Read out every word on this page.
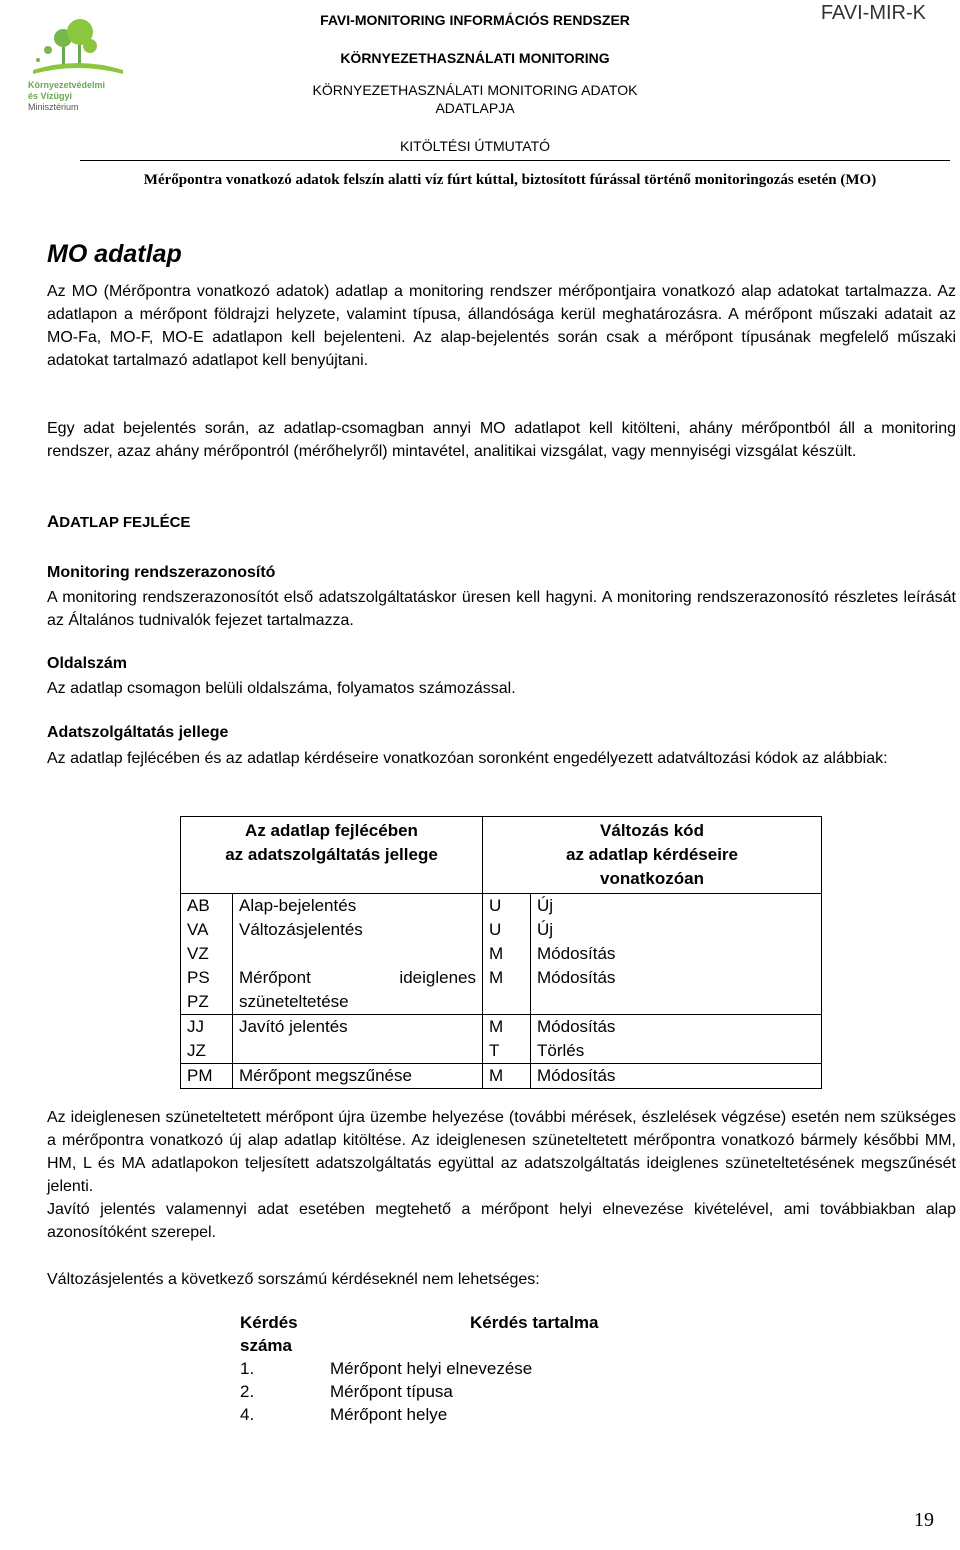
Környezetvédelmi
és Vízügyi
Minisztérium
FAVI-MONITORING INFORMÁCIÓS RENDSZER
KÖRNYEZETHASZNÁLATI MONITORING
KÖRNYEZETHASZNÁLATI MONITORING ADATOK
ADATLAPJA
KITÖLTÉSI ÚTMUTATÓ
FAVI-MIR-K
Mérőpontra vonatkozó adatok felszín alatti víz fúrt kúttal, biztosított fúrással történő monitoringozás esetén (MO)
MO adatlap
Az MO (Mérőpontra vonatkozó adatok) adatlap a monitoring rendszer mérőpontjaira vonatkozó alap adatokat tartalmazza. Az adatlapon a mérőpont földrajzi helyzete, valamint típusa, állandósága kerül meghatározásra. A mérőpont műszaki adatait az MO-Fa, MO-F, MO-E adatlapon kell bejelenteni. Az alap-bejelentés során csak a mérőpont típusának megfelelő műszaki adatokat tartalmazó adatlapot kell benyújtani.
Egy adat bejelentés során, az adatlap-csomagban annyi MO adatlapot kell kitölteni, ahány mérőpontból áll a monitoring rendszer, azaz ahány mérőpontról (mérőhelyről) mintavétel, analitikai vizsgálat, vagy mennyiségi vizsgálat készült.
ADATLAP FEJLÉCE
Monitoring rendszerazonosító
A monitoring rendszerazonosítót első adatszolgáltatáskor üresen kell hagyni. A monitoring rendszerazonosító részletes leírását az Általános tudnivalók fejezet tartalmazza.
Oldalszám
Az adatlap csomagon belüli oldalszáma, folyamatos számozással.
Adatszolgáltatás jellege
Az adatlap fejlécében és az adatlap kérdéseire vonatkozóan soronként engedélyezett adatváltozási kódok az alábbiak:
Az adatlap fejlécében
az adatszolgáltatás jellege		Változás kód
az adatlap kérdéseire
vonatkozóan	
AB	Alap-bejelentés	U	Új
VA	Változásjelentés	U	Új
VZ		M	Módosítás
PS	Mérőpont ideiglenes	M	Módosítás
PZ	szüneteltetése		
JJ	Javító jelentés	M	Módosítás
JZ		T	Törlés
PM	Mérőpont megszűnése	M	Módosítás
Az ideiglenesen szüneteltetett mérőpont újra üzembe helyezése (további mérések, észlelések végzése) esetén nem szükséges a mérőpontra vonatkozó új alap adatlap kitöltése. Az ideiglenesen szüneteltetett mérőpontra vonatkozó bármely későbbi MM, HM, L és MA adatlapokon teljesített adatszolgáltatás együttal az adatszolgáltatás ideiglenes szüneteltetésének megszűnését jelenti.
Javító jelentés valamennyi adat esetében megtehető a mérőpont helyi elnevezése kivételével, ami továbbiakban alap azonosítóként szerepel.
Változásjelentés a következő sorszámú kérdéseknél nem lehetséges:
Kérdés	Kérdés tartalma
száma
1.	Mérőpont helyi elnevezése
2.	Mérőpont típusa
4.	Mérőpont helye
19
